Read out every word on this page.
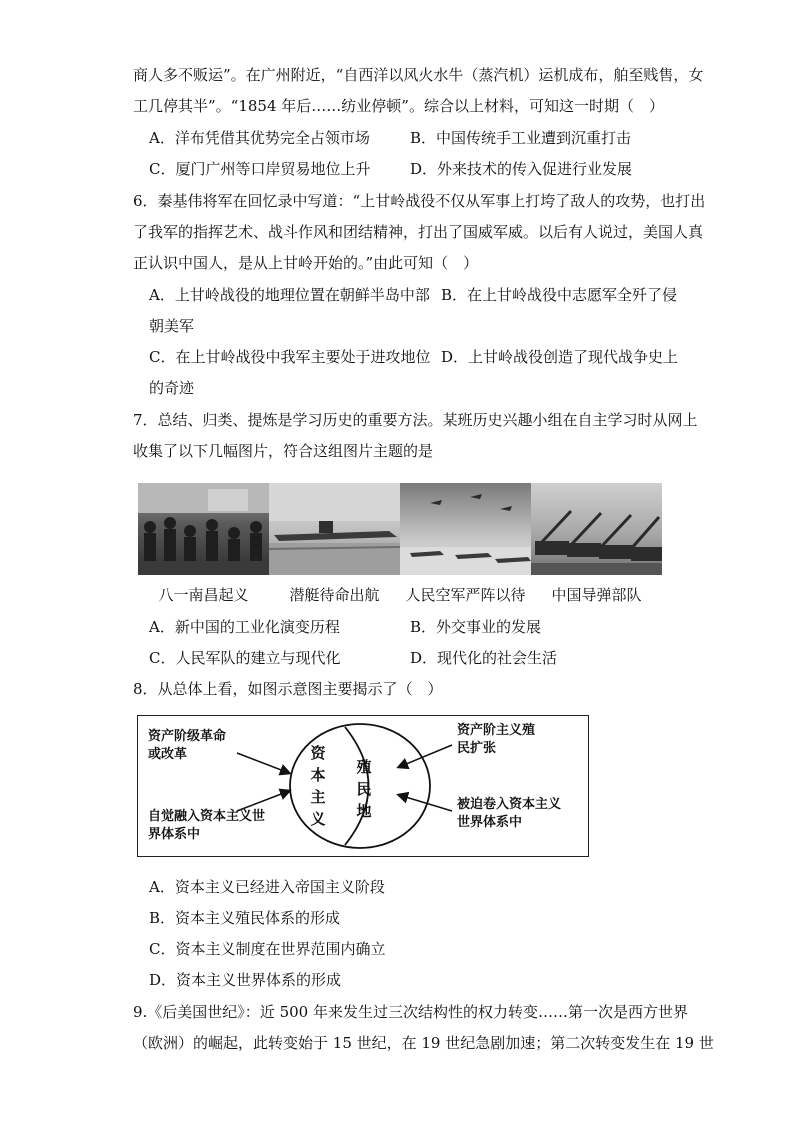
商人多不贩运”。在广州附近，“自西洋以风火水牛（蒸汽机）运机成布，舶至贱售，女
工几停其半”。“1854 年后……纺业停顿”。综合以上材料，可知这一时期（　）
A．洋布凭借其优势完全占领市场	B．中国传统手工业遭到沉重打击
C．厦门广州等口岸贸易地位上升	D．外来技术的传入促进行业发展
6．秦基伟将军在回忆录中写道：“上甘岭战役不仅从军事上打垮了敌人的攻势，也打出
了我军的指挥艺术、战斗作风和团结精神，打出了国威军威。以后有人说过，美国人真
正认识中国人，是从上甘岭开始的。”由此可知（　）
A．上甘岭战役的地理位置在朝鲜半岛中部 B．在上甘岭战役中志愿军全歼了侵
朝美军
C．在上甘岭战役中我军主要处于进攻地位 D．上甘岭战役创造了现代战争史上
的奇迹
7．总结、归类、提炼是学习历史的重要方法。某班历史兴趣小组在自主学习时从网上
收集了以下几幅图片，符合这组图片主题的是
八一南昌起义	潜艇待命出航	人民空军严阵以待	中国导弹部队
A．新中国的工业化演变历程	B．外交事业的发展
C．人民军队的建立与现代化	D．现代化的社会生活
8．从总体上看，如图示意图主要揭示了（　）
资产阶级革命
或改革
自觉融入资本主义世
界体系中
资产阶主义殖
民扩张
被迫卷入资本主义
世界体系中
资
本
主
义
殖
民
地
A．资本主义已经进入帝国主义阶段
B．资本主义殖民体系的形成
C．资本主义制度在世界范围内确立
D．资本主义世界体系的形成
9.《后美国世纪》：近 500 年来发生过三次结构性的权力转变……第一次是西方世界
（欧洲）的崛起，此转变始于 15 世纪，在 19 世纪急剧加速；第二次转变发生在 19 世
